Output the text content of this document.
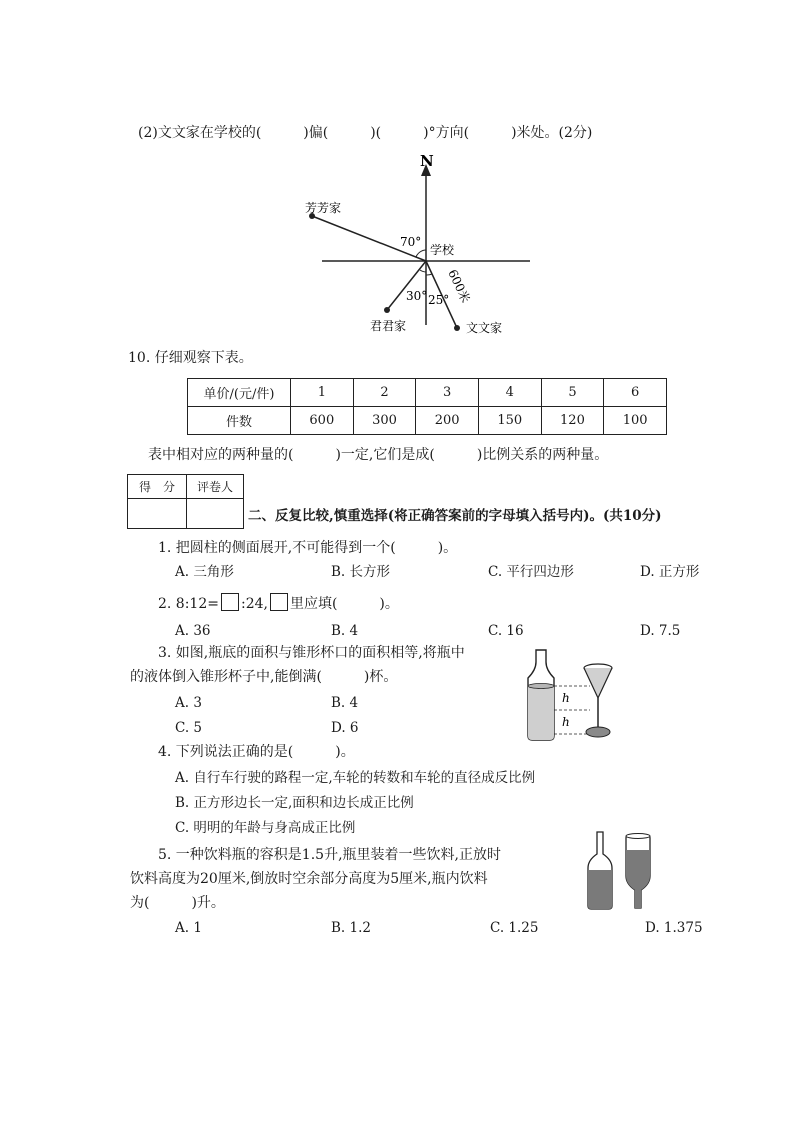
(2)文文家在学校的(　　　)偏(　　　)(　　　)°方向(　　　)米处。(2分)
N
芳芳家
君君家	文文家
70°
学校
30° 25°
600米
10. 仔细观察下表。
单价/(元/件)	1	2	3	4	5	6
件数	600	300	200	150	120	100
表中相对应的两种量的(　　　)一定,它们是成(　　　)比例关系的两种量。
得　分	评卷人

二、反复比较,慎重选择(将正确答案前的字母填入括号内)。(共10分)
1. 把圆柱的侧面展开,不可能得到一个(　　　)。
A. 三角形	B. 长方形	C. 平行四边形	D. 正方形
2. 8:12= :24, 里应填(　　　)。
A. 36	B. 4	C. 16	D. 7.5
3. 如图,瓶底的面积与锥形杯口的面积相等,将瓶中
的液体倒入锥形杯子中,能倒满(　　　)杯。
A. 3	B. 4
C. 5	D. 6
h
h
4. 下列说法正确的是(　　　)。
A. 自行车行驶的路程一定,车轮的转数和车轮的直径成反比例
B. 正方形边长一定,面积和边长成正比例
C. 明明的年龄与身高成正比例
5. 一种饮料瓶的容积是1.5升,瓶里装着一些饮料,正放时
饮料高度为20厘米,倒放时空余部分高度为5厘米,瓶内饮料
为(　　　)升。
A. 1	B. 1.2	C. 1.25	D. 1.375
